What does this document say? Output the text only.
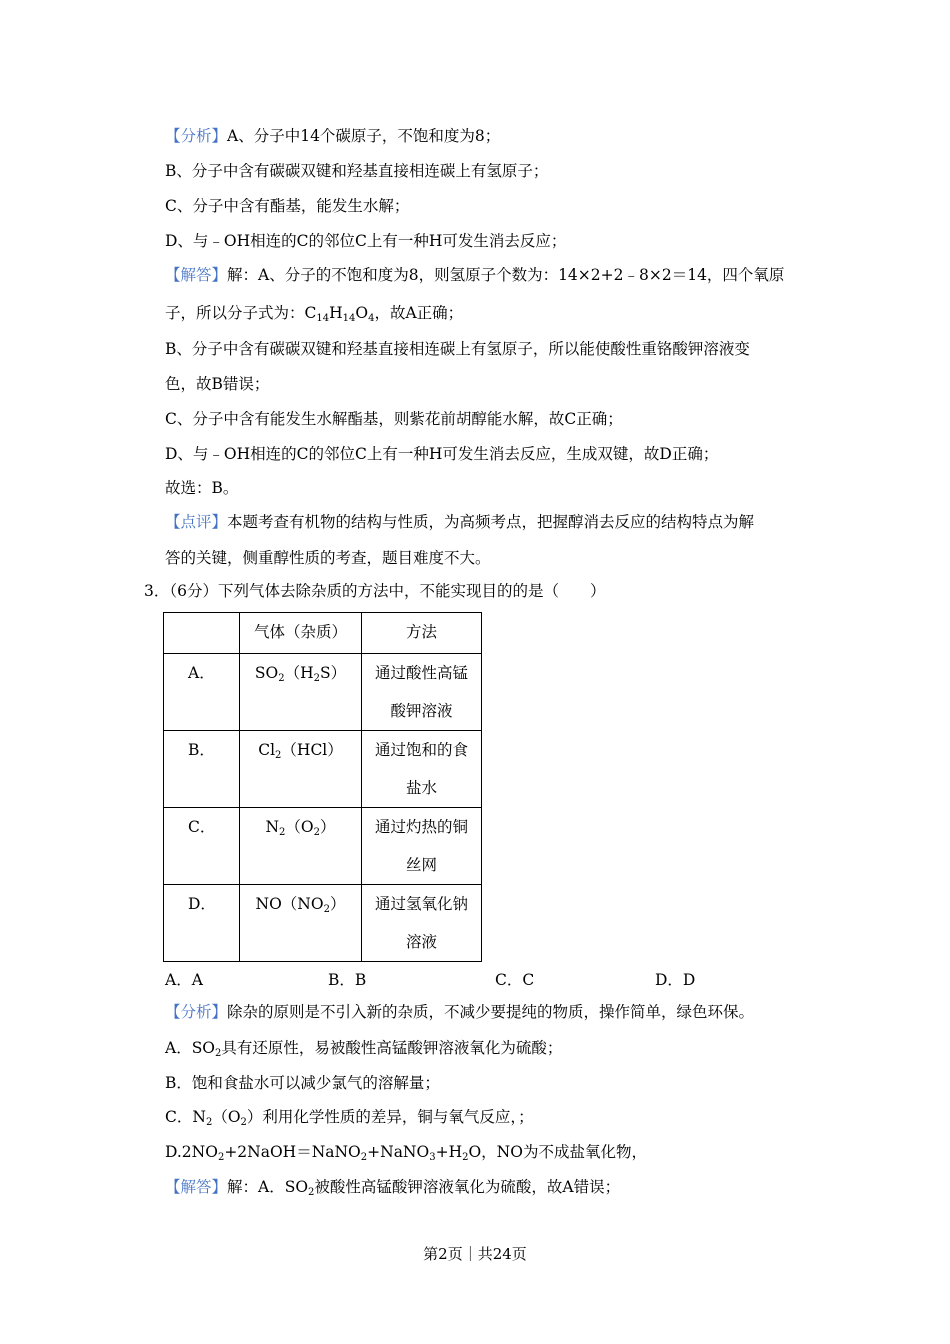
【分析】A、分子中14个碳原子，不饱和度为8；
B、分子中含有碳碳双键和羟基直接相连碳上有氢原子；
C、分子中含有酯基，能发生水解；
D、与﹣OH相连的C的邻位C上有一种H可发生消去反应；
【解答】解：A、分子的不饱和度为8，则氢原子个数为：14×2+2﹣8×2＝14，四个氧原
子，所以分子式为：$C_{14}H_{14}O_4$，故A正确；
B、分子中含有碳碳双键和羟基直接相连碳上有氢原子，所以能使酸性重铬酸钾溶液变
色，故B错误；
C、分子中含有能发生水解酯基，则紫花前胡醇能水解，故C正确；
D、与﹣OH相连的C的邻位C上有一种H可发生消去反应，生成双键，故D正确；
故选：B。
【点评】本题考查有机物的结构与性质，为高频考点，把握醇消去反应的结构特点为解
答的关键，侧重醇性质的考查，题目难度不大。
3．（6分）下列气体去除杂质的方法中，不能实现目的的是（　　）

	气体（杂质）	方法

A．	$SO_2(H_2S)$	通过酸性高锰
酸钾溶液

B．	$Cl_2(HCl)$	通过饱和的食
盐水

C．	$N_2(O_2)$	通过灼热的铜
丝网

D．	$NO(NO_2)$	通过氢氧化钠
溶液
A．A	B．B	C．C	D．D
【分析】除杂的原则是不引入新的杂质，不减少要提纯的物质，操作简单，绿色环保。
A．$SO_2$具有还原性，易被酸性高锰酸钾溶液氧化为硫酸；
B．饱和食盐水可以减少氯气的溶解量；
C．$N_2(O_2)$利用化学性质的差异，铜与氧气反应，；
$D.2NO_2+2NaOH=NaNO_2+NaNO_3+H_2O$，NO为不成盐氧化物，
【解答】解：A．$SO_2$被酸性高锰酸钾溶液氧化为硫酸，故A错误；
第2页｜共24页
